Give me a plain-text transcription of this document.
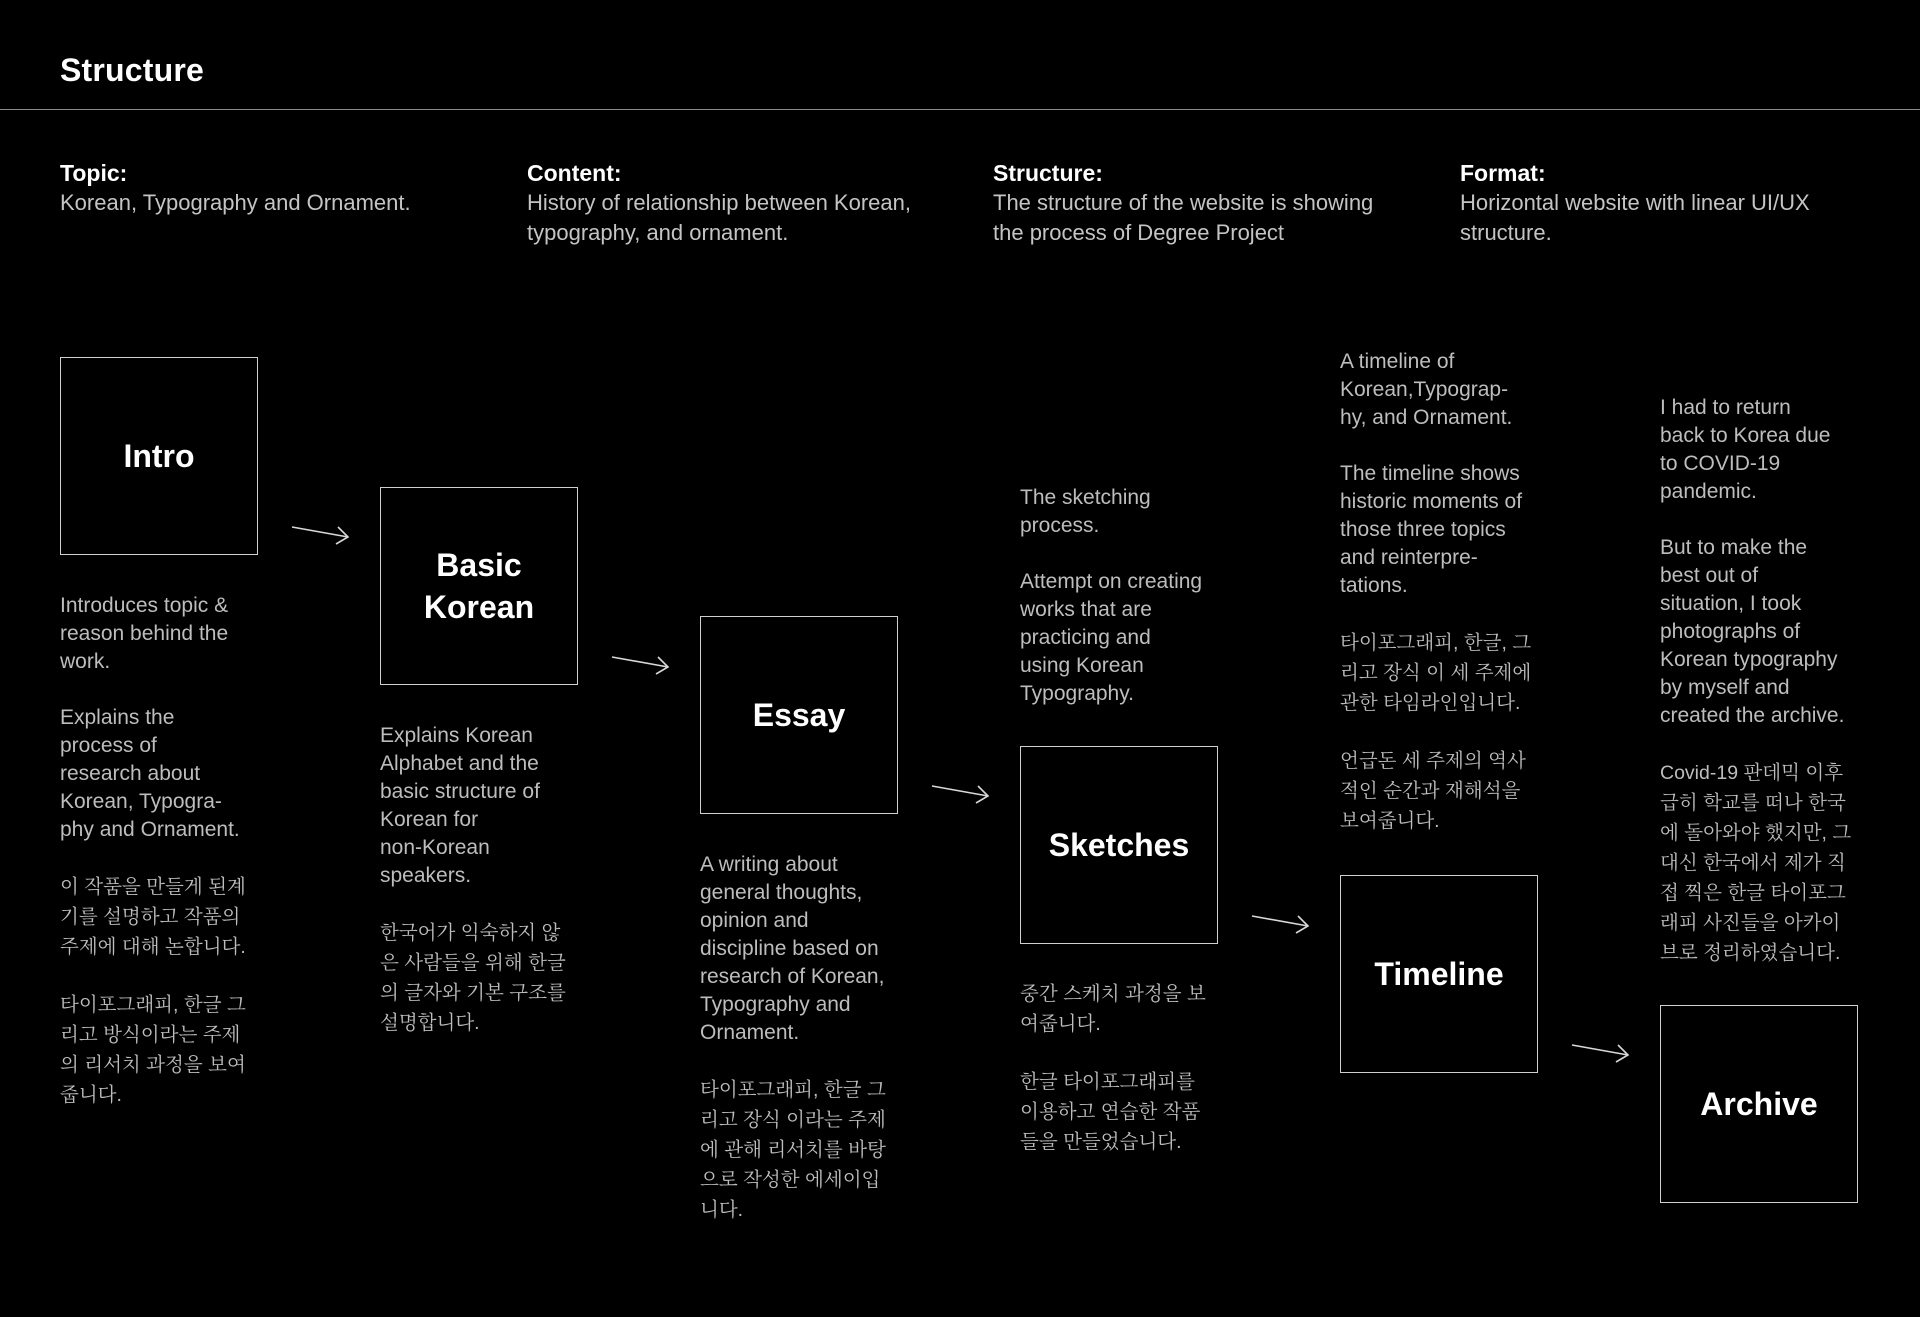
Structure
Topic:
Korean, Typography and Ornament.
Content:
History of relationship between Korean,
typography, and ornament.
Structure:
The structure of the website is showing
the process of Degree Project
Format:
Horizontal website with linear UI/UX
structure.
Intro
Basic
Korean
Essay
Sketches
Timeline
Archive

Introduces topic &
reason behind the
work.

Explains the
process of
research about
Korean, Typogra-
phy and Ornament.

이 작품을 만들게 된계
기를 설명하고 작품의
주제에 대해 논합니다.

타이포그래피, 한글 그
리고 방식이라는 주제
의 리서치 과정을 보여
줍니다.

Explains Korean
Alphabet and the
basic structure of
Korean for
non-Korean
speakers.

한국어가 익숙하지 않
은 사람들을 위해 한글
의 글자와 기본 구조를
설명합니다.

A writing about
general thoughts,
opinion and
discipline based on
research of Korean,
Typography and
Ornament.

타이포그래피, 한글 그
리고 장식 이라는 주제
에 관해 리서치를 바탕
으로 작성한 에세이입
니다.

The sketching
process.

Attempt on creating
works that are
practicing and
using Korean
Typography.

중간 스케치 과정을 보
여줍니다.

한글 타이포그래피를
이용하고 연습한 작품
들을 만들었습니다.

A timeline of
Korean,Typograp-
hy, and Ornament.

The timeline shows
historic moments of
those three topics
and reinterpre-
tations.

타이포그래피, 한글, 그
리고 장식 이 세 주제에
관한 타임라인입니다.

언급돈 세 주제의 역사
적인 순간과 재해석을
보여줍니다.

I had to return
back to Korea due
to COVID-19
pandemic.

But to make the
best out of
situation, I took
photographs of
Korean typography
by myself and
created the archive.

Covid-19 판데믹 이후
급히 학교를 떠나 한국
에 돌아와야 했지만, 그
대신 한국에서 제가 직
접 찍은 한글 타이포그
래피 사진들을 아카이
브로 정리하였습니다.
